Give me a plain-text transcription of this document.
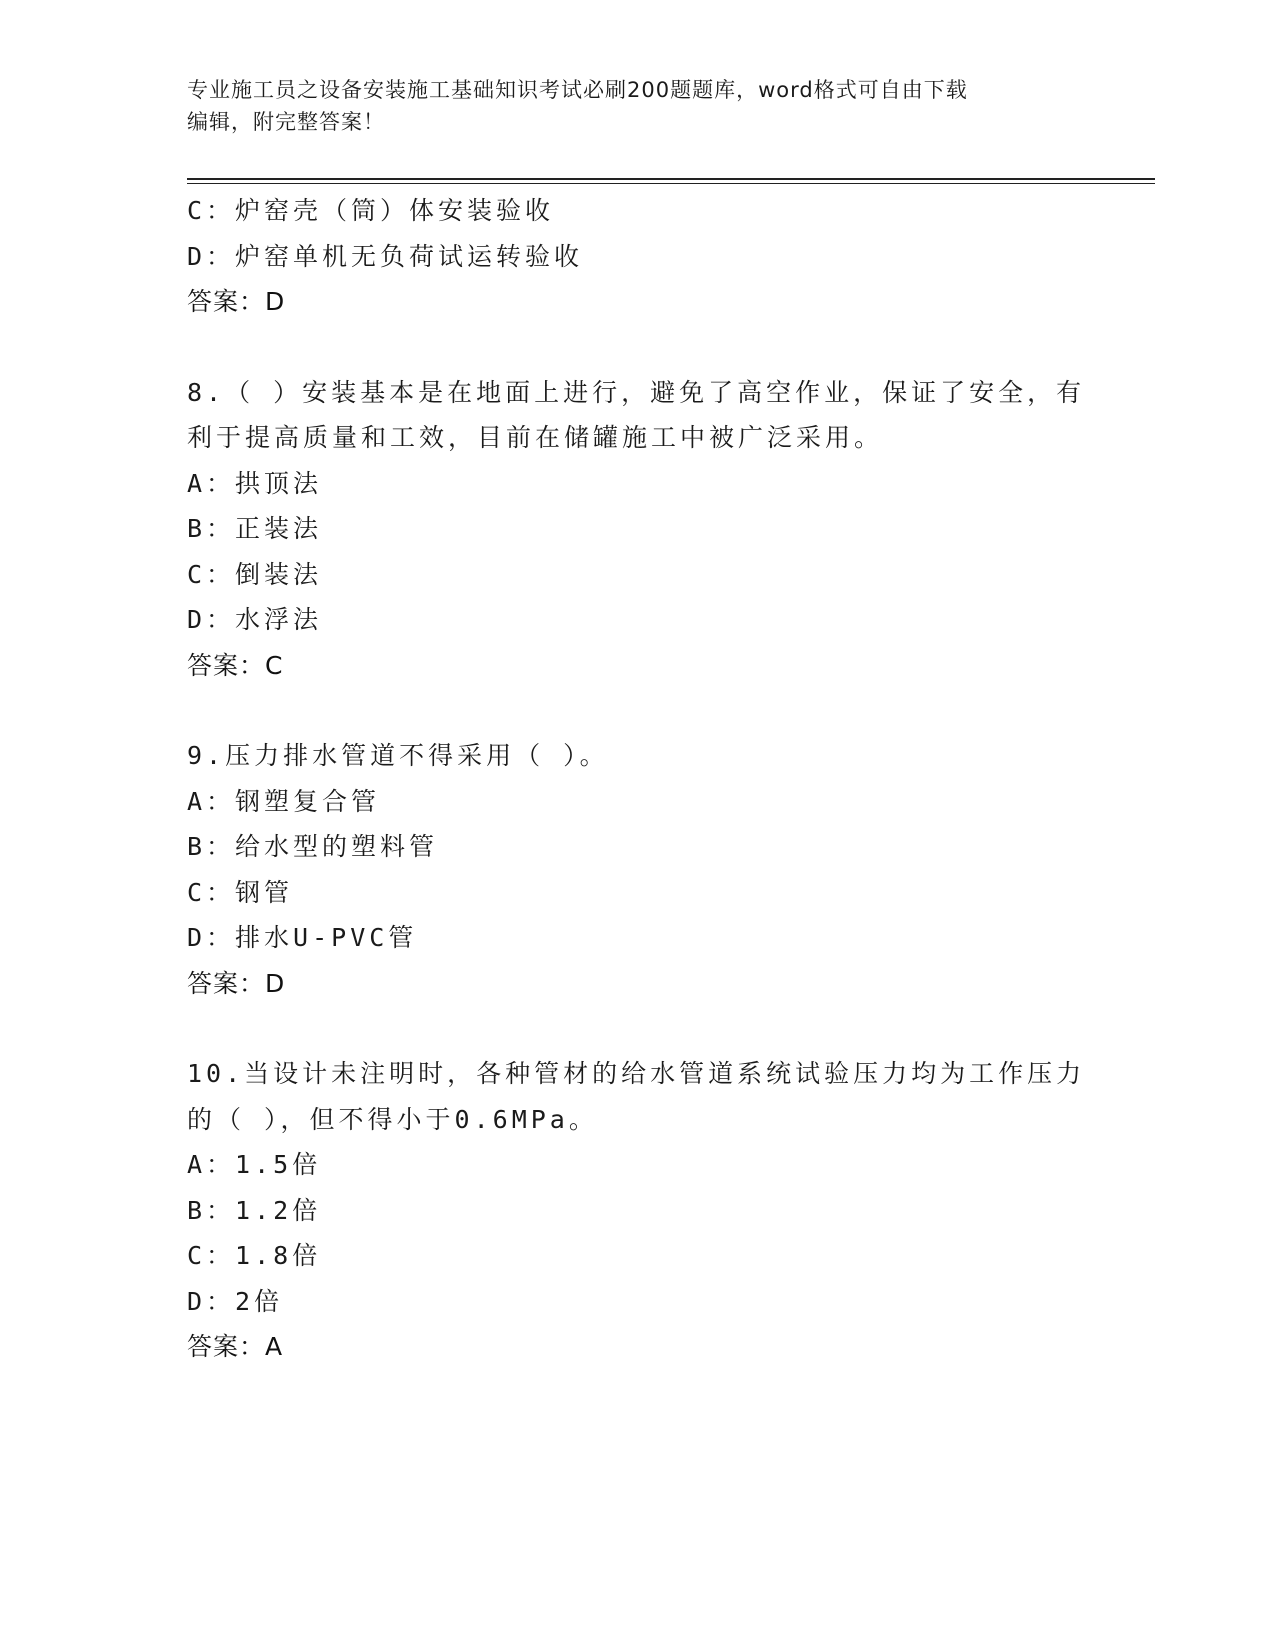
专业施工员之设备安装施工基础知识考试必刷200题题库，word格式可自由下载
编辑，附完整答案！
C：炉窑壳（筒）体安装验收
D：炉窑单机无负荷试运转验收
答案：D
8.（ ）安装基本是在地面上进行，避免了高空作业，保证了安全，有
利于提高质量和工效，目前在储罐施工中被广泛采用。
A：拱顶法
B：正装法
C：倒装法
D：水浮法
答案：C
9.压力排水管道不得采用（ ）。
A：钢塑复合管
B：给水型的塑料管
C：钢管
D：排水U-PVC管
答案：D
10.当设计未注明时，各种管材的给水管道系统试验压力均为工作压力
的（ ），但不得小于0.6MPa。
A：1.5倍
B：1.2倍
C：1.8倍
D：2倍
答案：A
